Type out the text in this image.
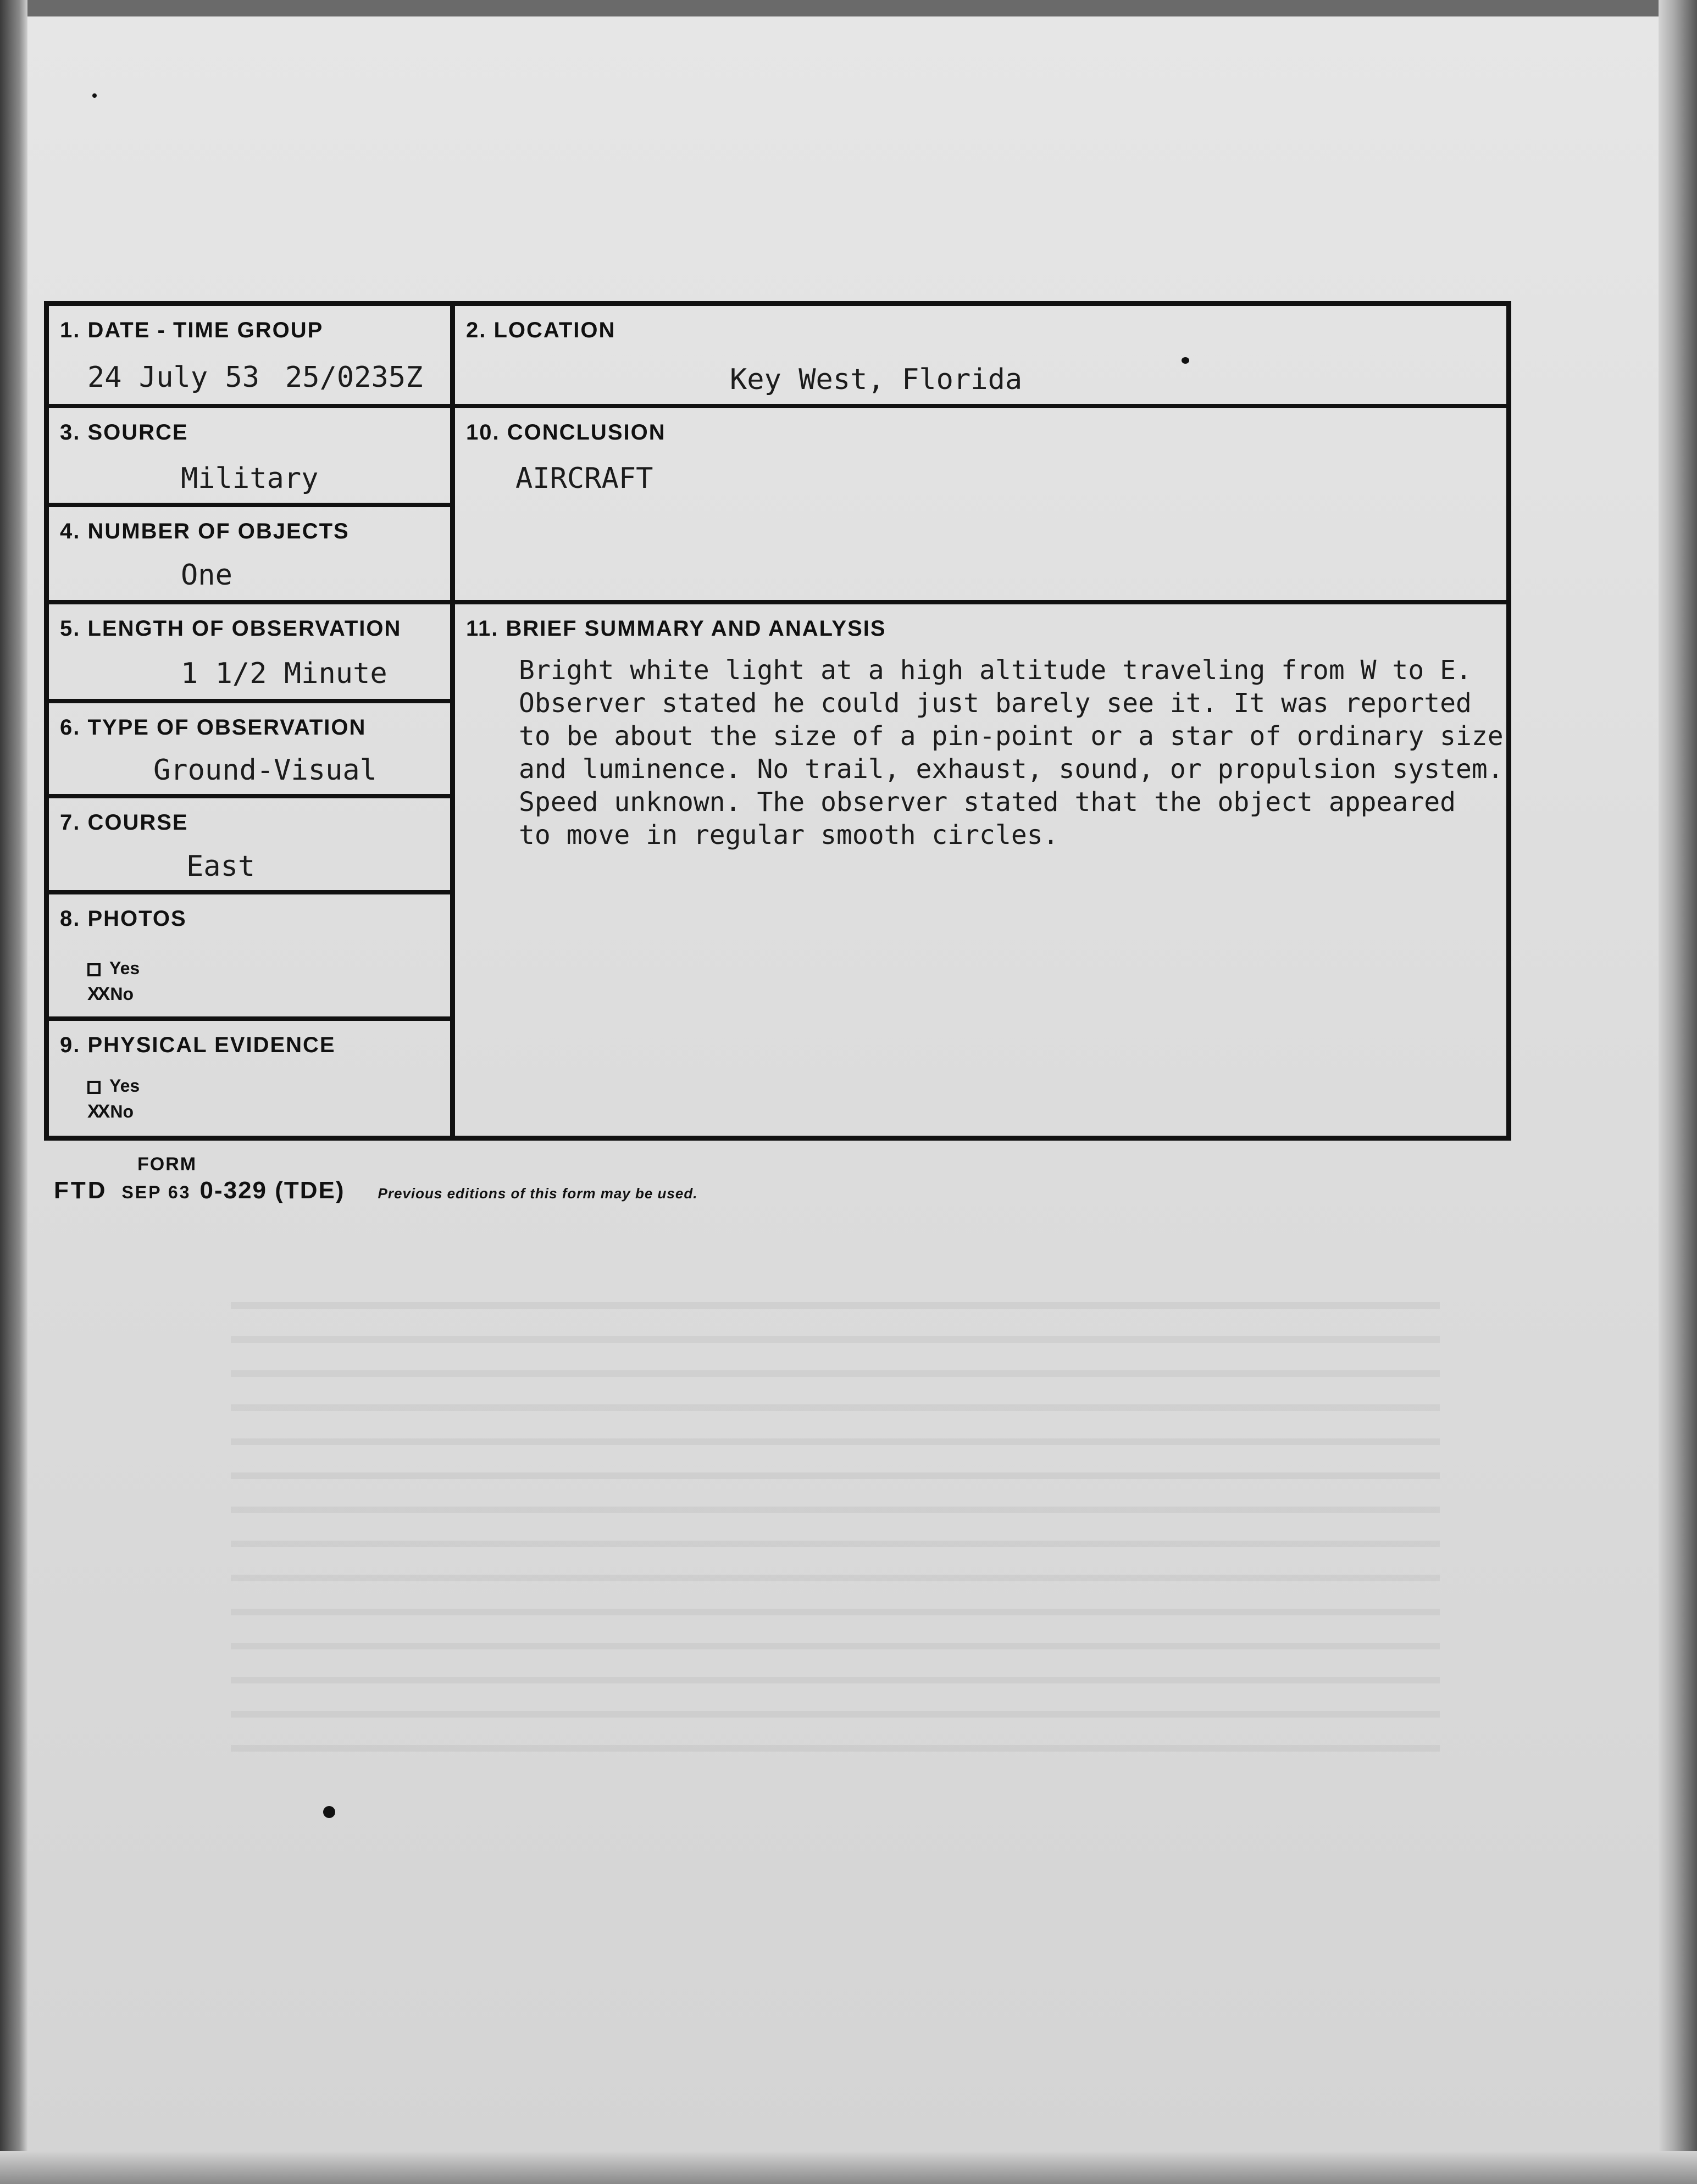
1. DATE - TIME GROUP
24 July 53 25/0235Z
2. LOCATION
Key West, Florida
3. SOURCE
Military
10. CONCLUSION
AIRCRAFT
4. NUMBER OF OBJECTS
One
5. LENGTH OF OBSERVATION
1 1/2 Minute
11. BRIEF SUMMARY AND ANALYSIS
Bright white light at a high altitude traveling from W to E.
Observer stated he could just barely see it. It was reported
to be about the size of a pin-point or a star of ordinary size
and luminence. No trail, exhaust, sound, or propulsion system.
Speed unknown. The observer stated that the object appeared
to move in regular smooth circles.
6. TYPE OF OBSERVATION
Ground-Visual
7. COURSE
East
8. PHOTOS
Yes
XX No
9. PHYSICAL EVIDENCE
Yes
XX No
FORM
FTD SEP 63 0-329 (TDE) Previous editions of this form may be used.
